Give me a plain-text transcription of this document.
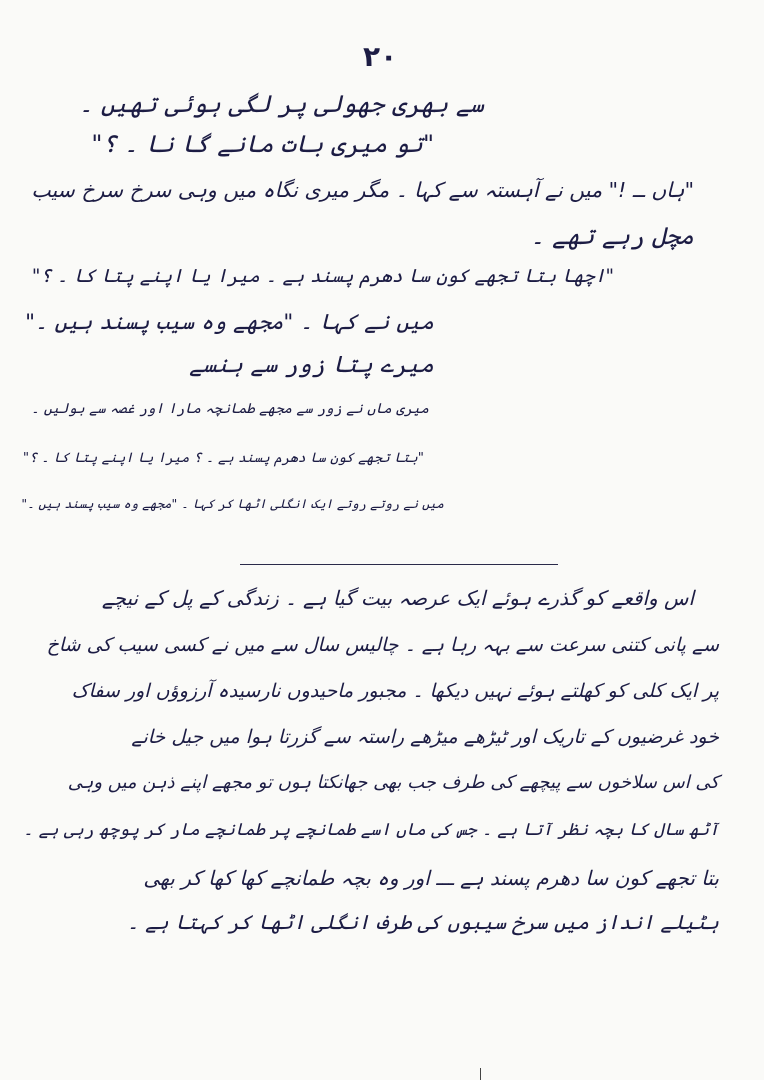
۲۰
سے بھری جھولی پر لگی ہوئی تھیں ۔
"تو میری بات مانے گا نا ۔ ؟"
"ہاں ــ !" میں نے آہستہ سے کہا ۔ مگر میری نگاہ میں وہی سرخ سرخ سیب
مچل رہے تھے ۔
"اچھا بتا تجھے کون سا دھرم پسند ہے ۔ میرا یا اپنے پتا کا ۔ ؟"
میں نے کہا ۔ "مجھے وہ سیب پسند ہیں ۔"
میرے پتا زور سے ہنسے
میری ماں نے زور سے مجھے طمانچہ مارا اور غصہ سے بولیں ۔
"بتا تجھے کون سا دھرم پسند ہے ۔ ؟ میرا یا اپنے پتا کا ۔ ؟"
میں نے روتے روتے ایک انگلی اٹھا کر کہا ۔ "مجھے وہ سیب پسند ہیں ۔"
اس واقعے کو گذرے ہوئے ایک عرصہ بیت گیا ہے ۔ زندگی کے پل کے نیچے
سے پانی کتنی سرعت سے بہہ رہا ہے ۔ چالیس سال سے میں نے کسی سیب کی شاخ
پر ایک کلی کو کھلتے ہوئے نہیں دیکھا ۔ مجبور ماحیدوں نارسیدہ آرزوؤں اور سفاک
خود غرضیوں کے تاریک اور ٹیڑھے میڑھے راستہ سے گزرتا ہوا میں جیل خانے
کی اس سلاخوں سے پیچھے کی طرف جب بھی جھانکتا ہوں تو مجھے اپنے ذہن میں وہی
آٹھ سال کا بچہ نظر آتا ہے ۔ جس کی ماں اسے طمانچے پر طمانچے مار کر پوچھ رہی ہے ۔
بتا تجھے کون سا دھرم پسند ہے ـــ اور وہ بچہ طمانچے کھا کھا کر بھی
ہٹیلے انداز میں سرخ سیبوں کی طرف انگلی اٹھا کر کہتا ہے ۔
